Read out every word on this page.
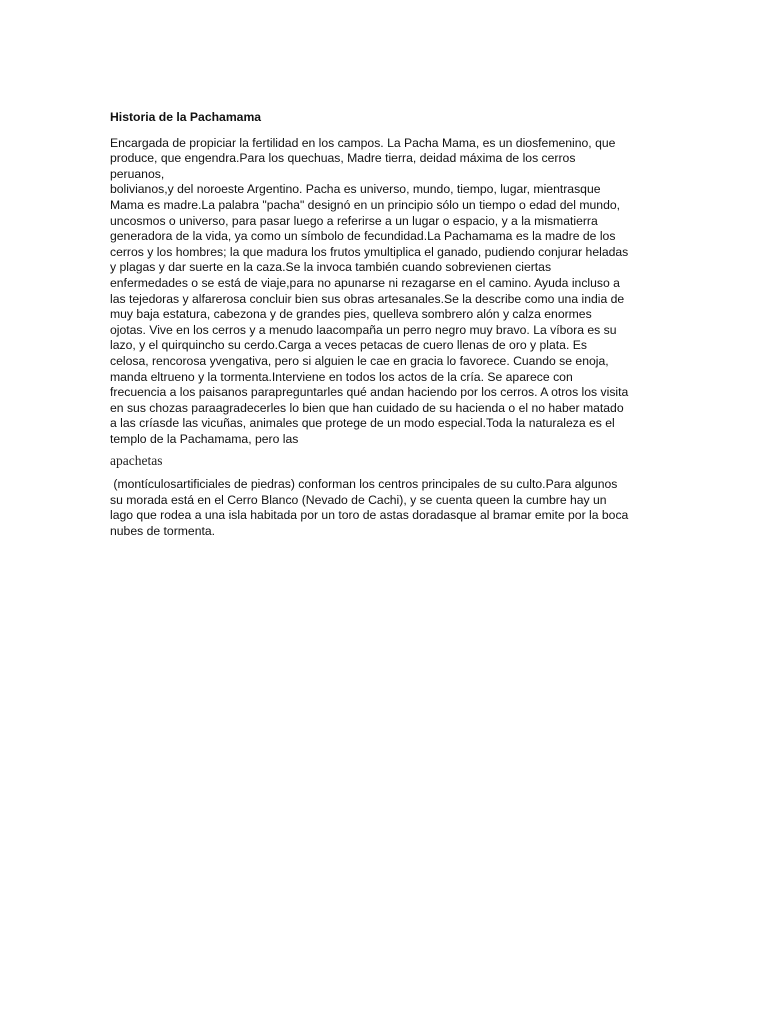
Historia de la Pachamama

Encargada de propiciar la fertilidad en los campos. La Pacha Mama, es un diosfemenino, que
produce, que engendra.Para los quechuas, Madre tierra, deidad máxima de los cerros
peruanos,
bolivianos,y del noroeste Argentino. Pacha es universo, mundo, tiempo, lugar, mientrasque
Mama es madre.La palabra "pacha" designó en un principio sólo un tiempo o edad del mundo,
uncosmos o universo, para pasar luego a referirse a un lugar o espacio, y a la mismatierra
generadora de la vida, ya como un símbolo de fecundidad.La Pachamama es la madre de los
cerros y los hombres; la que madura los frutos ymultiplica el ganado, pudiendo conjurar heladas
y plagas y dar suerte en la caza.Se la invoca también cuando sobrevienen ciertas
enfermedades o se está de viaje,para no apunarse ni rezagarse en el camino. Ayuda incluso a
las tejedoras y alfarerosa concluir bien sus obras artesanales.Se la describe como una india de
muy baja estatura, cabezona y de grandes pies, quelleva sombrero alón y calza enormes
ojotas. Vive en los cerros y a menudo laacompaña un perro negro muy bravo. La víbora es su
lazo, y el quirquincho su cerdo.Carga a veces petacas de cuero llenas de oro y plata. Es
celosa, rencorosa yvengativa, pero si alguien le cae en gracia lo favorece. Cuando se enoja,
manda eltrueno y la tormenta.Interviene en todos los actos de la cría. Se aparece con
frecuencia a los paisanos parapreguntarles qué andan haciendo por los cerros. A otros los visita
en sus chozas paraagradecerles lo bien que han cuidado de su hacienda o el no haber matado
a las críasde las vicuñas, animales que protege de un modo especial.Toda la naturaleza es el
templo de la Pachamama, pero las

apachetas

(montículosartificiales de piedras) conforman los centros principales de su culto.Para algunos
su morada está en el Cerro Blanco (Nevado de Cachi), y se cuenta queen la cumbre hay un
lago que rodea a una isla habitada por un toro de astas doradasque al bramar emite por la boca
nubes de tormenta.
